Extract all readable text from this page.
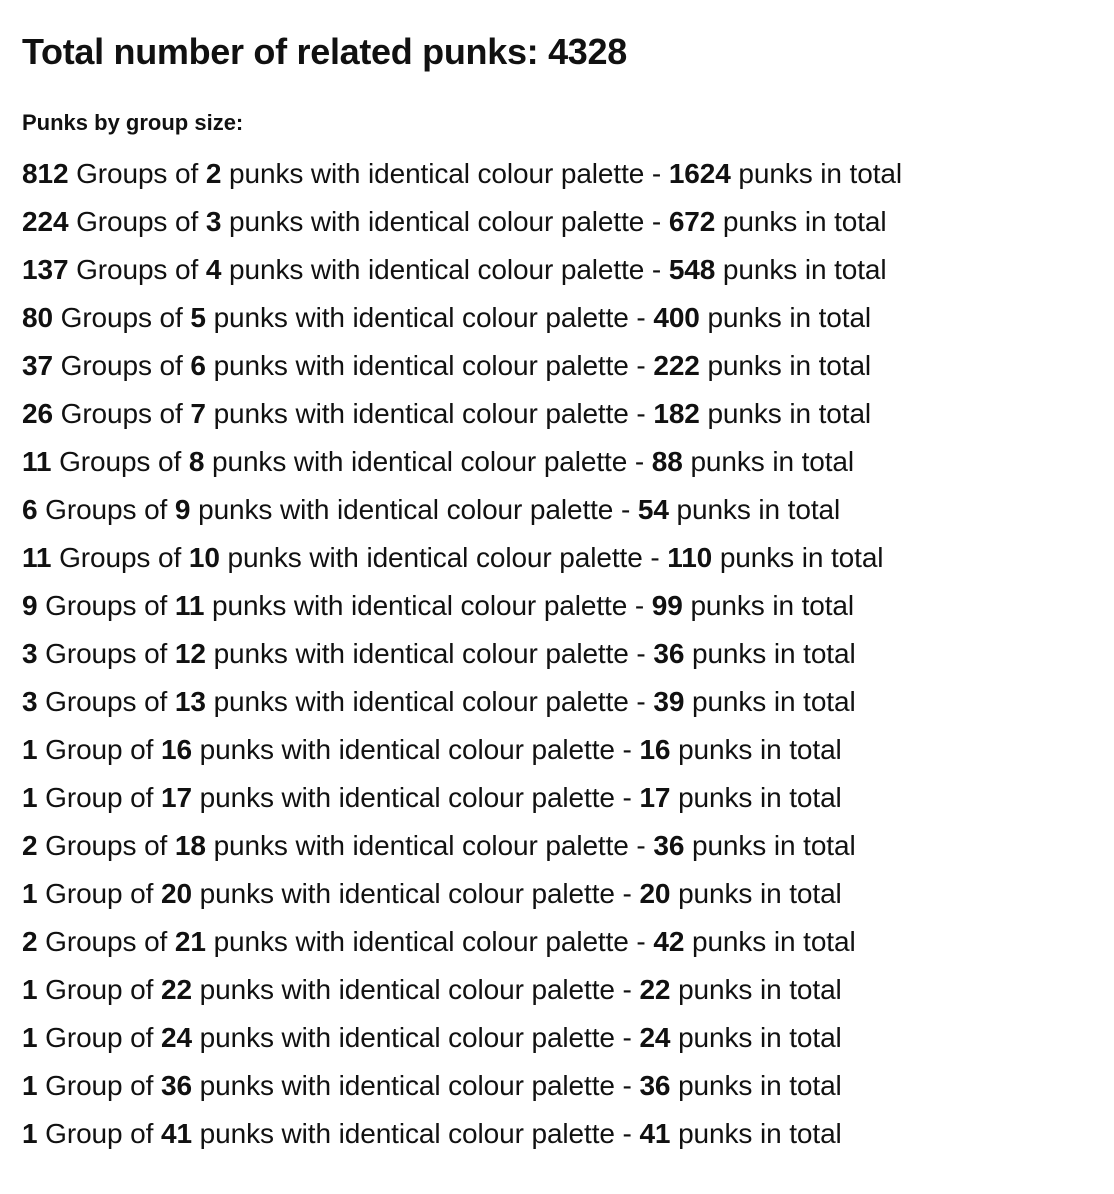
Total number of related punks: 4328
Punks by group size:
812 Groups of 2 punks with identical colour palette - 1624 punks in total
224 Groups of 3 punks with identical colour palette - 672 punks in total
137 Groups of 4 punks with identical colour palette - 548 punks in total
80 Groups of 5 punks with identical colour palette - 400 punks in total
37 Groups of 6 punks with identical colour palette - 222 punks in total
26 Groups of 7 punks with identical colour palette - 182 punks in total
11 Groups of 8 punks with identical colour palette - 88 punks in total
6 Groups of 9 punks with identical colour palette - 54 punks in total
11 Groups of 10 punks with identical colour palette - 110 punks in total
9 Groups of 11 punks with identical colour palette - 99 punks in total
3 Groups of 12 punks with identical colour palette - 36 punks in total
3 Groups of 13 punks with identical colour palette - 39 punks in total
1 Group of 16 punks with identical colour palette - 16 punks in total
1 Group of 17 punks with identical colour palette - 17 punks in total
2 Groups of 18 punks with identical colour palette - 36 punks in total
1 Group of 20 punks with identical colour palette - 20 punks in total
2 Groups of 21 punks with identical colour palette - 42 punks in total
1 Group of 22 punks with identical colour palette - 22 punks in total
1 Group of 24 punks with identical colour palette - 24 punks in total
1 Group of 36 punks with identical colour palette - 36 punks in total
1 Group of 41 punks with identical colour palette - 41 punks in total
